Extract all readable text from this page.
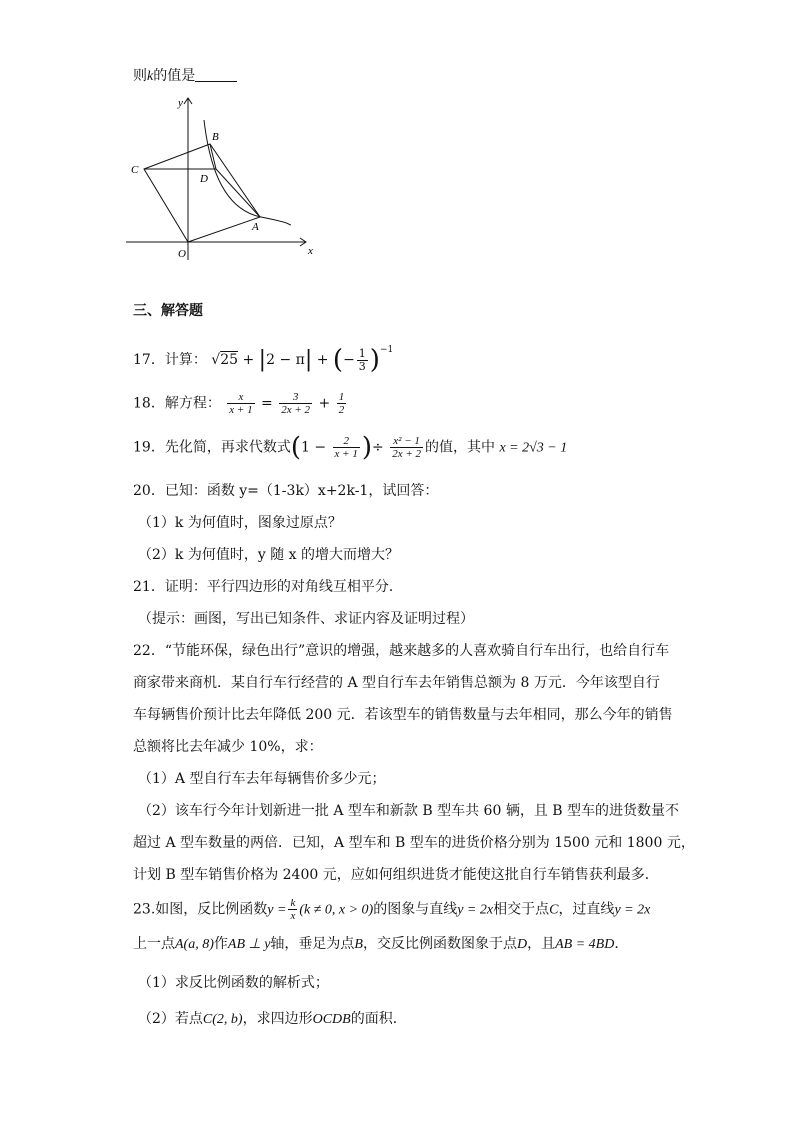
则k的值是
y
x
B
C
D
A
O
三、解答题
17．计算： √25 + |2 − π| + (− $\frac{1}{3} )^{-1}$
18．解方程： $\frac{x}{x + 1} = \frac{3}{2x + 2} + \frac{1}{2}$
19．先化简，再求代数式($1 - \frac{2}{x + 1}$ )÷ $\frac{\text{x² − 1}}{2x + 2}$ 的值，其中 x = 2√3 − 1
20．已知：函数 y=（1-3k）x+2k-1，试回答：
（1）k 为何值时，图象过原点？
（2）k 为何值时，y 随 x 的增大而增大？
21．证明：平行四边形的对角线互相平分．
（提示：画图，写出已知条件、求证内容及证明过程）
22．“节能环保，绿色出行”意识的增强，越来越多的人喜欢骑自行车出行，也给自行车
商家带来商机．某自行车行经营的 A 型自行车去年销售总额为 8 万元．今年该型自行
车每辆售价预计比去年降低 200 元．若该型车的销售数量与去年相同，那么今年的销售
总额将比去年减少 10%，求：
（1）A 型自行车去年每辆售价多少元；
（2）该车行今年计划新进一批 A 型车和新款 B 型车共 60 辆，且 B 型车的进货数量不
超过 A 型车数量的两倍．已知，A 型车和 B 型车的进货价格分别为 1500 元和 1800 元，
计划 B 型车销售价格为 2400 元，应如何组织进货才能使这批自行车销售获利最多．
23.如图，反比例函数$y = \frac{k}{x} (k \ne 0$, x > 0)的图象与直线y = 2x相交于点C，过直线y = 2x
上一点A(a, 8)作AB ⊥ y轴，垂足为点B，交反比例函数图象于点D，且AB = 4BD．
（1）求反比例函数的解析式；
（2）若点C(2, b)，求四边形OCDB的面积．
